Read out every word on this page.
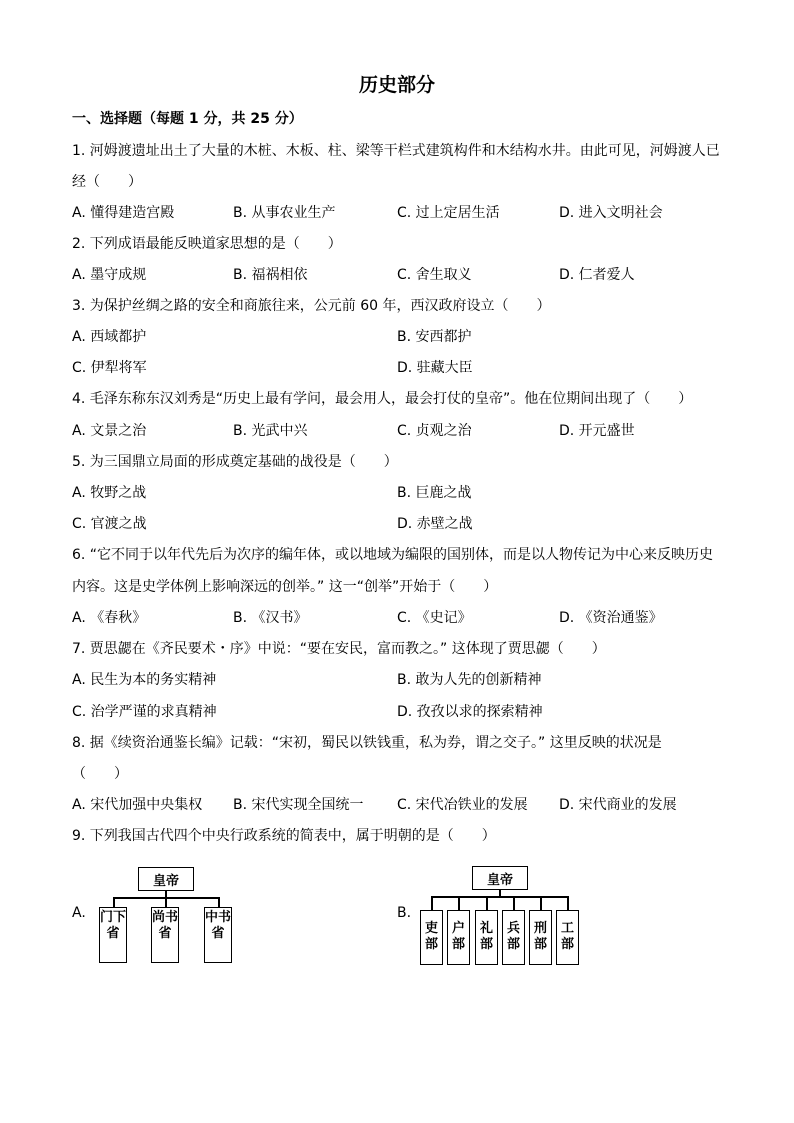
历史部分
一、选择题（每题 1 分，共 25 分）
1. 河姆渡遗址出土了大量的木桩、木板、柱、梁等干栏式建筑构件和木结构水井。由此可见，河姆渡人已
经（　　）
A. 懂得建造宫殿	B. 从事农业生产	C. 过上定居生活	D. 进入文明社会
2. 下列成语最能反映道家思想的是（　　）
A. 墨守成规	B. 福祸相依	C. 舍生取义	D. 仁者爱人
3. 为保护丝绸之路的安全和商旅往来，公元前 60 年，西汉政府设立（　　）
A. 西域都护	B. 安西都护
C. 伊犁将军	D. 驻藏大臣
4. 毛泽东称东汉刘秀是“历史上最有学问，最会用人，最会打仗的皇帝”。他在位期间出现了（　　）
A. 文景之治	B. 光武中兴	C. 贞观之治	D. 开元盛世
5. 为三国鼎立局面的形成奠定基础的战役是（　　）
A. 牧野之战	B. 巨鹿之战
C. 官渡之战	D. 赤壁之战
6. “它不同于以年代先后为次序的编年体，或以地域为编限的国别体，而是以人物传记为中心来反映历史
内容。这是史学体例上影响深远的创举。” 这一“创举”开始于（　　）
A. 《春秋》	B. 《汉书》	C. 《史记》	D. 《资治通鉴》
7. 贾思勰在《齐民要术・序》中说：“要在安民，富而教之。” 这体现了贾思勰（　　）
A. 民生为本的务实精神	B. 敢为人先的创新精神
C. 治学严谨的求真精神	D. 孜孜以求的探索精神
8. 据《续资治通鉴长编》记载：“宋初，蜀民以铁钱重，私为券，谓之交子。” 这里反映的状况是
（　　）
A. 宋代加强中央集权 B. 宋代实现全国统一 C. 宋代冶铁业的发展 D. 宋代商业的发展
9. 下列我国古代四个中央行政系统的简表中，属于明朝的是（　　）
A.	B.
皇帝
门下省
尚书省
中书省
皇帝
吏部
户部
礼部
兵部
刑部
工部
